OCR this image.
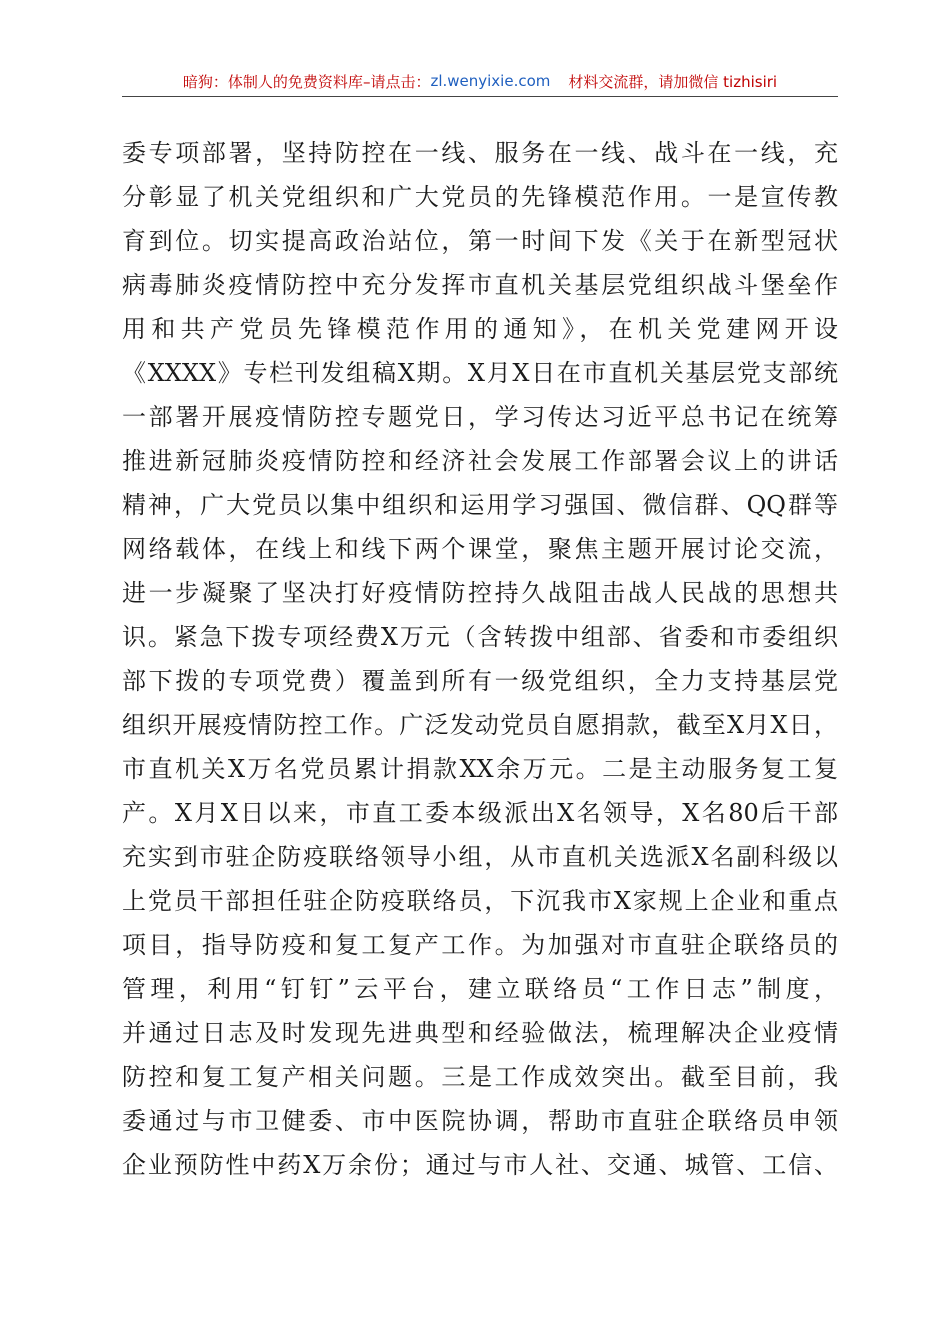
暗狗：体制人的免费资料库 –请点击： zl.wenyixie.com 材料交流群，请加微信 tizhisiri
委专项部署，坚持防控在一线、服务在一线、战斗在一线，充
分彰显了机关党组织和广大党员的先锋模范作用。一是宣传教
育到位。切实提高政治站位，第一时间下发《关于在新型冠状
病毒肺炎疫情防控中充分发挥市直机关基层党组织战斗堡垒作
用和共产党员先锋模范作用的通知》，在机关党建网开设
《XXXX》专栏刊发组稿X期。X月X日在市直机关基层党支部统
一部署开展疫情防控专题党日，学习传达习近平总书记在统筹
推进新冠肺炎疫情防控和经济社会发展工作部署会议上的讲话
精神，广大党员以集中组织和运用学习强国、微信群、QQ群等
网络载体，在线上和线下两个课堂，聚焦主题开展讨论交流，
进一步凝聚了坚决打好疫情防控持久战阻击战人民战的思想共
识。紧急下拨专项经费X万元（含转拨中组部、省委和市委组织
部下拨的专项党费）覆盖到所有一级党组织，全力支持基层党
组织开展疫情防控工作。广泛发动党员自愿捐款，截至X月X日，
市直机关X万名党员累计捐款XX余万元。二是主动服务复工复
产。X月X日以来，市直工委本级派出X名领导，X名80后干部
充实到市驻企防疫联络领导小组，从市直机关选派X名副科级以
上党员干部担任驻企防疫联络员，下沉我市X家规上企业和重点
项目，指导防疫和复工复产工作。为加强对市直驻企联络员的
管理，利用“钉钉”云平台，建立联络员“工作日志”制度，
并通过日志及时发现先进典型和经验做法，梳理解决企业疫情
防控和复工复产相关问题。三是工作成效突出。截至目前，我
委通过与市卫健委、市中医院协调，帮助市直驻企联络员申领
企业预防性中药X万余份；通过与市人社、交通、城管、工信、
